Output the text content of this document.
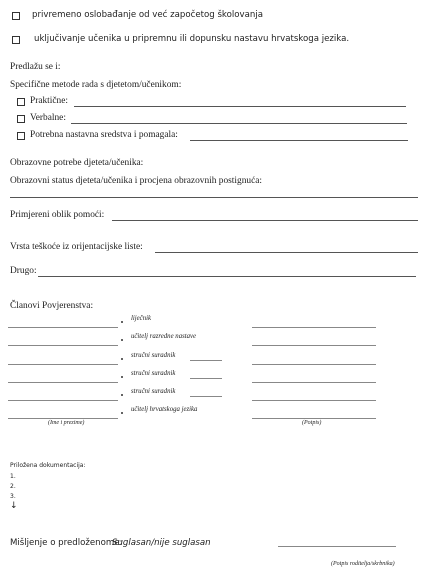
privremeno oslobađanje od već započetog školovanja
uključivanje učenika u pripremnu ili dopunsku nastavu hrvatskoga jezika.
Predlažu se i:
Specifične metode rada s djetetom/učenikom:
Praktične:
Verbalne:
Potrebna nastavna sredstva i pomagala:
Obrazovne potrebe djeteta/učenika:
Obrazovni status djeteta/učenika i procjena obrazovnih postignuća:
Primjereni oblik pomoći:
Vrsta teškoće iz orijentacijske liste:
Drugo:
Članovi Povjerenstva:
liječnik
učitelj razredne nastave
stručni suradnik
stručni suradnik
stručni suradnik
učitelj hrvatskoga jezika
(Ime i prezime)	(Potpis)
Priložena dokumentacija:
1.
2.
3.
↓
Mišljenje o predloženome:
Suglasan/nije suglasan
(Potpis roditelja/skrbnika)
